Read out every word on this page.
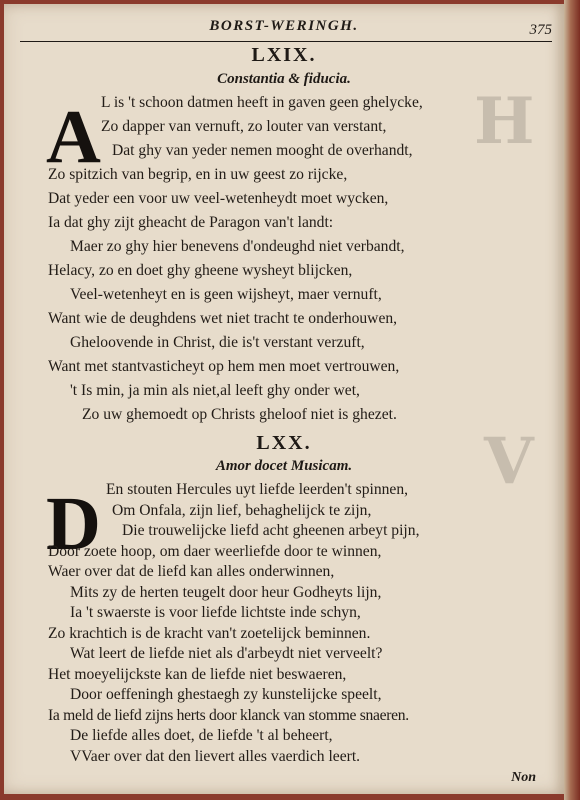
H
V
BORST-WERINGH.	375
LXIX.
Constantia & fiducia.
A L is 't schoon datmen heeft in gaven geen ghelycke,
Zo dapper van vernuft, zo louter van verstant,
Dat ghy van yeder nemen mooght de overhandt,
Zo spitzich van begrip, en in uw geest zo rijcke,
Dat yeder een voor uw veel-wetenheydt moet wycken,
Ia dat ghy zijt gheacht de Paragon van't landt:
Maer zo ghy hier benevens d'ondeughd niet verbandt,
Helacy, zo en doet ghy gheene wysheyt blijcken,
Veel-wetenheyt en is geen wijsheyt, maer vernuft,
Want wie de deughdens wet niet tracht te onderhouwen,
Gheloovende in Christ, die is't verstant verzuft,
Want met stantvasticheyt op hem men moet vertrouwen,
't Is min, ja min als niet,al leeft ghy onder wet,
Zo uw ghemoedt op Christs gheloof niet is ghezet.
LXX.
Amor docet Musicam.
D En stouten Hercules uyt liefde leerden't spinnen,
Om Onfala, zijn lief, behaghelijck te zijn,
Die trouwelijcke liefd acht gheenen arbeyt pijn,
Door zoete hoop, om daer weerliefde door te winnen,
Waer over dat de liefd kan alles onderwinnen,
Mits zy de herten teugelt door heur Godheyts lijn,
Ia 't swaerste is voor liefde lichtste inde schyn,
Zo krachtich is de kracht van't zoetelijck beminnen.
Wat leert de liefde niet als d'arbeydt niet verveelt?
Het moeyelijckste kan de liefde niet beswaeren,
Door oeffeningh ghestaegh zy kunstelijcke speelt,
Ia meld de liefd zijns herts door klanck van stomme snaeren.
De liefde alles doet, de liefde 't al beheert,
VVaer over dat den lievert alles vaerdich leert.
Non
